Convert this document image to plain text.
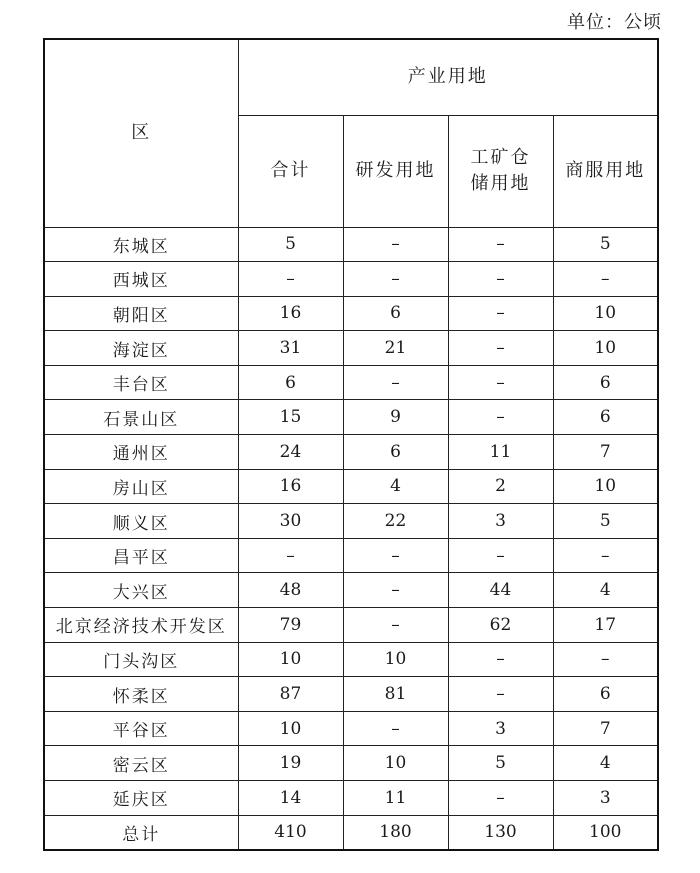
单位：公顷
区	产业用地			
	合计	研发用地	工矿仓储用地	商服用地
东城区	5	–	–	5
西城区	–	–	–	–
朝阳区	16	6	–	10
海淀区	31	21	–	10
丰台区	6	–	–	6
石景山区	15	9	–	6
通州区	24	6	11	7
房山区	16	4	2	10
顺义区	30	22	3	5
昌平区	–	–	–	–
大兴区	48	–	44	4
北京经济技术开发区	79	–	62	17
门头沟区	10	10	–	–
怀柔区	87	81	–	6
平谷区	10	–	3	7
密云区	19	10	5	4
延庆区	14	11	–	3
总计	410	180	130	100
